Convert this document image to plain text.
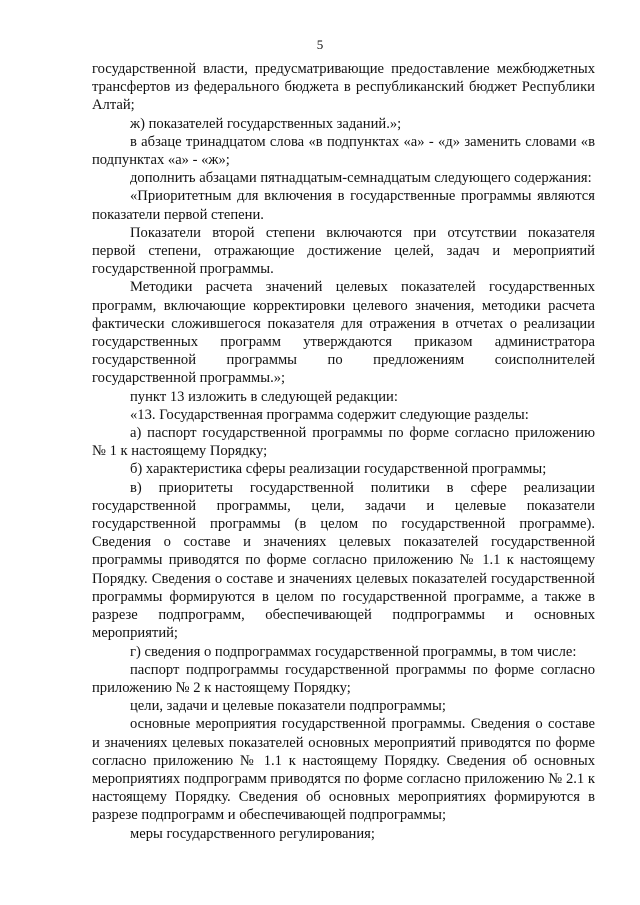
5

государственной власти, предусматривающие предоставление межбюджетных трансфертов из федерального бюджета в республиканский бюджет Республики Алтай;

ж) показателей государственных заданий.»;

в абзаце тринадцатом слова «в подпунктах «а» - «д» заменить словами «в подпунктах «а» - «ж»;

дополнить абзацами пятнадцатым-семнадцатым следующего содержания:

«Приоритетным для включения в государственные программы являются показатели первой степени.

Показатели второй степени включаются при отсутствии показателя первой степени, отражающие достижение целей, задач и мероприятий государственной программы.

Методики расчета значений целевых показателей государственных программ, включающие корректировки целевого значения, методики расчета фактически сложившегося показателя для отражения в отчетах о реализации государственных программ утверждаются приказом администратора государственной программы по предложениям соисполнителей государственной программы.»;

пункт 13 изложить в следующей редакции:

«13. Государственная программа содержит следующие разделы:

а) паспорт государственной программы по форме согласно приложению № 1 к настоящему Порядку;

б) характеристика сферы реализации государственной программы;

в) приоритеты государственной политики в сфере реализации государственной программы, цели, задачи и целевые показатели государственной программы (в целом по государственной программе). Сведения о составе и значениях целевых показателей государственной программы приводятся по форме согласно приложению № 1.1 к настоящему Порядку. Сведения о составе и значениях целевых показателей государственной программы формируются в целом по государственной программе, а также в разрезе подпрограмм, обеспечивающей подпрограммы и основных мероприятий;

г) сведения о подпрограммах государственной программы, в том числе:

паспорт подпрограммы государственной программы по форме согласно приложению № 2 к настоящему Порядку;

цели, задачи и целевые показатели подпрограммы;

основные мероприятия государственной программы. Сведения о составе и значениях целевых показателей основных мероприятий приводятся по форме согласно приложению № 1.1 к настоящему Порядку. Сведения об основных мероприятиях подпрограмм приводятся по форме согласно приложению № 2.1 к настоящему Порядку. Сведения об основных мероприятиях формируются в разрезе подпрограмм и обеспечивающей подпрограммы;

меры государственного регулирования;
